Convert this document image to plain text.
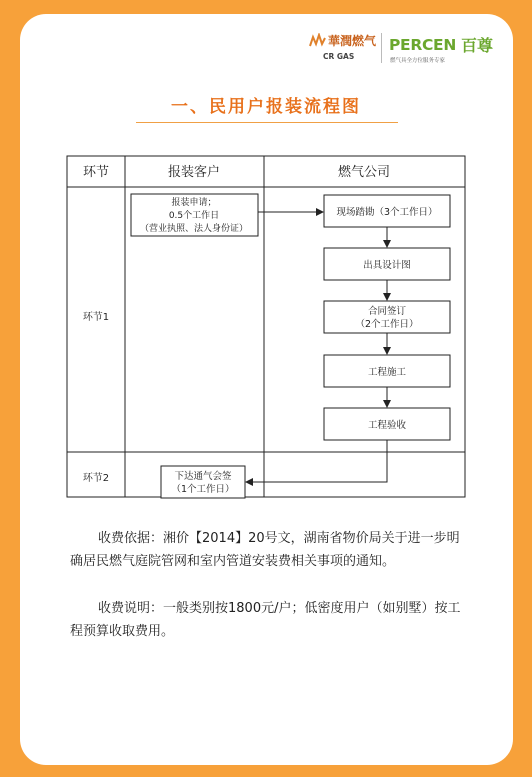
華潤燃气
CR GAS
PERCEN 百尊
燃气具全方位服务专家
一、民用户报装流程图
环节	报装客户	燃气公司
环节1
环节2
报装申请；
0.5个工作日
（营业执照、法人身份证）
现场踏勘（3个工作日）
出具设计图
合同签订
（2个工作日）
工程施工
工程验收
下达通气会签
（1个工作日）
收费依据：湘价【2014】20号文，湖南省物价局关于进一步明确居民燃气庭院管网和室内管道安装费相关事项的通知。
收费说明：一般类别按1800元/户；低密度用户（如别墅）按工程预算收取费用。
